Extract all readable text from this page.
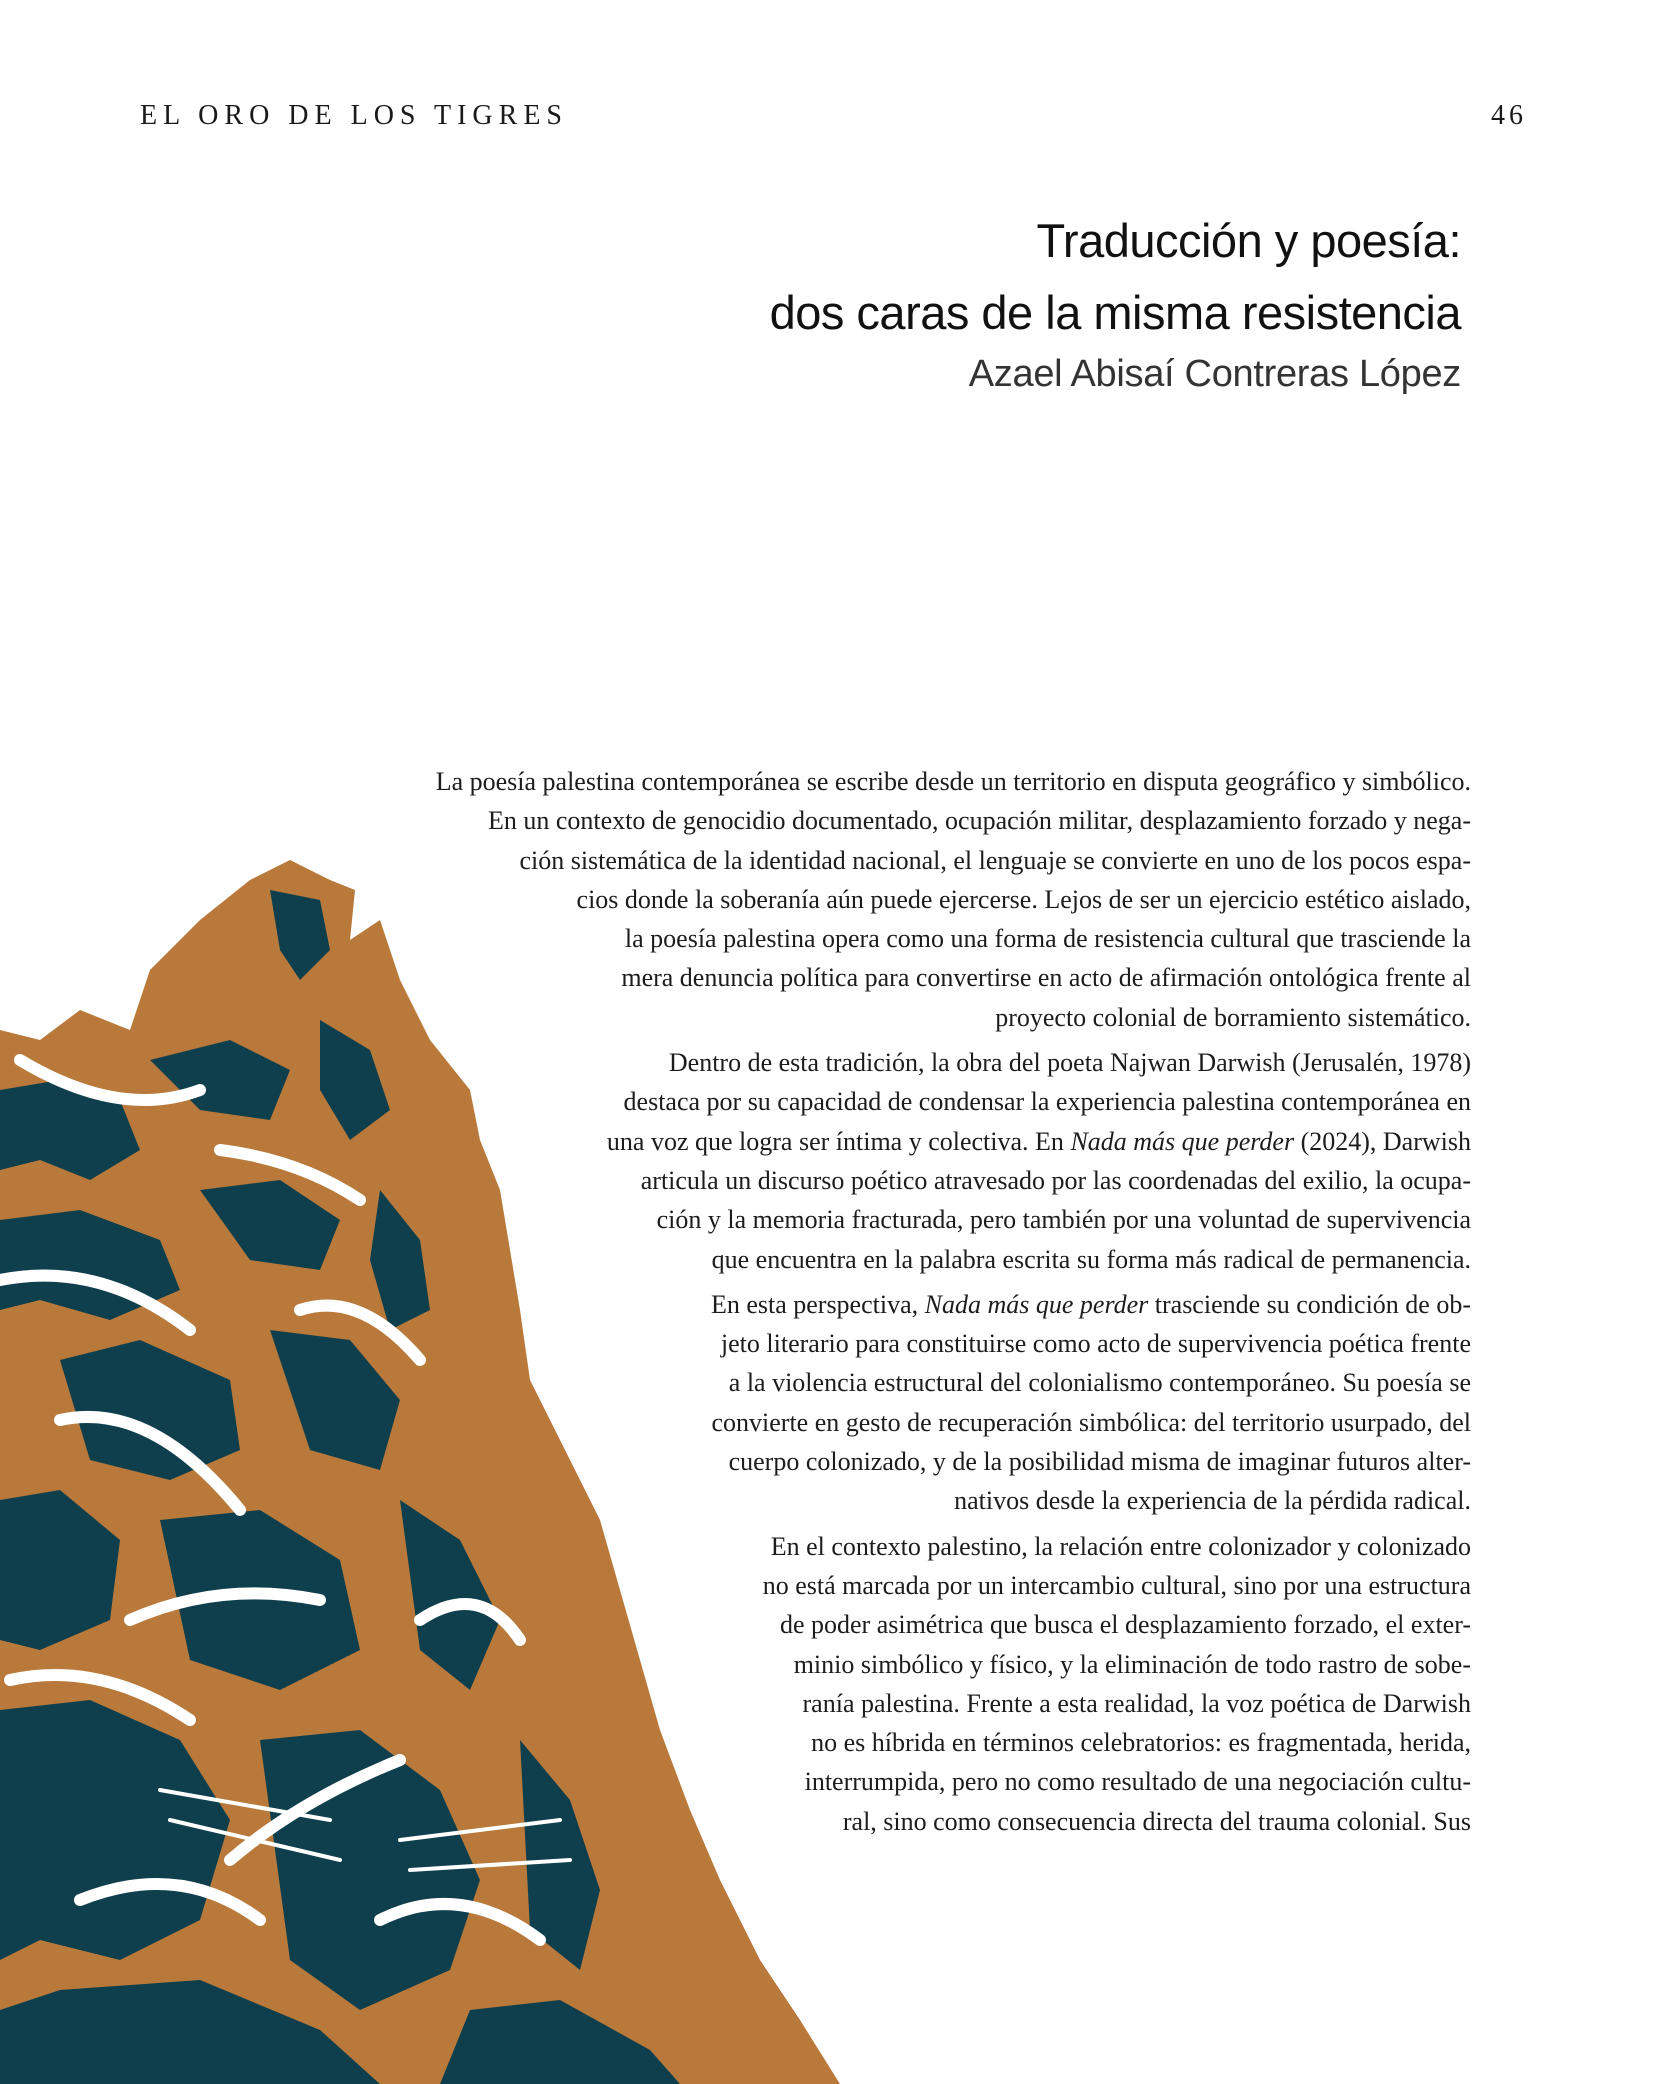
EL ORO DE LOS TIGRES	46
Traducción y poesía:
dos caras de la misma resistencia
Azael Abisaí Contreras López
La poesía palestina contemporánea se escribe desde un territorio en disputa geográfico y simbólico.
En un contexto de genocidio documentado, ocupación militar, desplazamiento forzado y nega-
ción sistemática de la identidad nacional, el lenguaje se convierte en uno de los pocos espa-
cios donde la soberanía aún puede ejercerse. Lejos de ser un ejercicio estético aislado,
la poesía palestina opera como una forma de resistencia cultural que trasciende la
mera denuncia política para convertirse en acto de afirmación ontológica frente al
proyecto colonial de borramiento sistemático.
Dentro de esta tradición, la obra del poeta Najwan Darwish (Jerusalén, 1978)
destaca por su capacidad de condensar la experiencia palestina contemporánea en
una voz que logra ser íntima y colectiva. En Nada más que perder (2024), Darwish
articula un discurso poético atravesado por las coordenadas del exilio, la ocupa-
ción y la memoria fracturada, pero también por una voluntad de supervivencia
que encuentra en la palabra escrita su forma más radical de permanencia.
En esta perspectiva, Nada más que perder trasciende su condición de ob-
jeto literario para constituirse como acto de supervivencia poética frente
a la violencia estructural del colonialismo contemporáneo. Su poesía se
convierte en gesto de recuperación simbólica: del territorio usurpado, del
cuerpo colonizado, y de la posibilidad misma de imaginar futuros alter-
nativos desde la experiencia de la pérdida radical.
En el contexto palestino, la relación entre colonizador y colonizado
no está marcada por un intercambio cultural, sino por una estructura
de poder asimétrica que busca el desplazamiento forzado, el exter-
minio simbólico y físico, y la eliminación de todo rastro de sobe-
ranía palestina. Frente a esta realidad, la voz poética de Darwish
no es híbrida en términos celebratorios: es fragmentada, herida,
interrumpida, pero no como resultado de una negociación cultu-
ral, sino como consecuencia directa del trauma colonial. Sus
